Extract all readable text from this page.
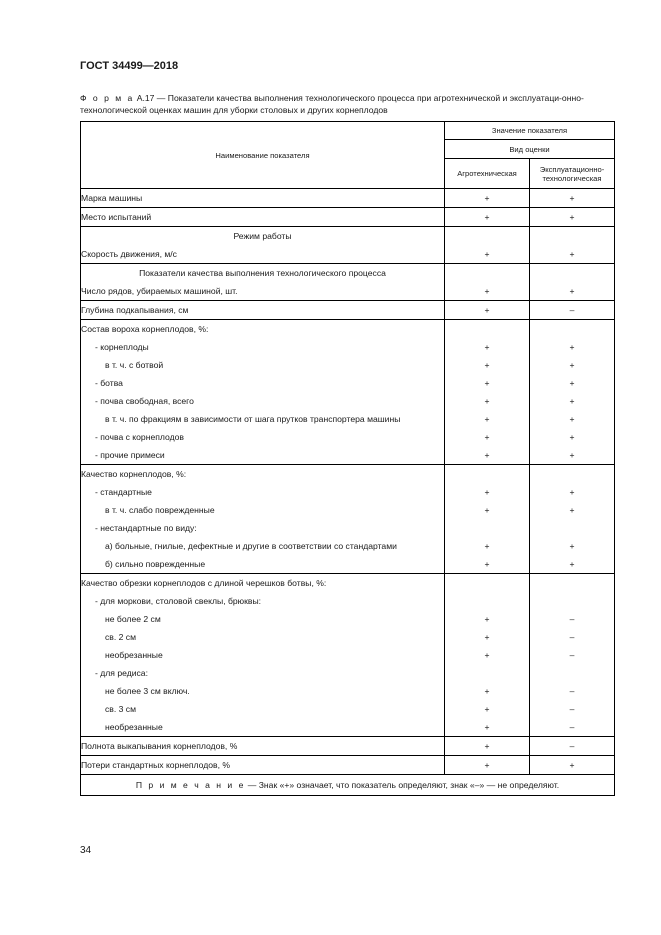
ГОСТ 34499—2018
Ф о р м а А.17 — Показатели качества выполнения технологического процесса при агротехнической и эксплуатаци-онно-технологической оценках машин для уборки столовых и других корнеплодов
Наименование показателя	Значение показателя	
	Вид оценки	
	Агротехническая	Эксплуатационно-
технологическая
Марка машины	+	+
Место испытаний	+	+
Режим работы		
Скорость движения, м/с	+	+
Показатели качества выполнения технологического процесса		
Число рядов, убираемых машиной, шт.	+	+
Глубина подкапывания, см	+	–
Состав вороха корнеплодов, %:		
- корнеплоды	+	+
в т. ч. с ботвой	+	+
- ботва	+	+
- почва свободная, всего	+	+
в т. ч. по фракциям в зависимости от шага прутков транспортера машины	+	+
- почва с корнеплодов	+	+
- прочие примеси	+	+
Качество корнеплодов, %:		
- стандартные	+	+
в т. ч. слабо поврежденные	+	+
- нестандартные по виду:		
а) больные, гнилые, дефектные и другие в соответствии со стандартами	+	+
б) сильно поврежденные	+	+
Качество обрезки корнеплодов с длиной черешков ботвы, %:		
- для моркови, столовой свеклы, брюквы:		
не более 2 см	+	–
св. 2 см	+	–
необрезанные	+	–
- для редиса:		
не более 3 см включ.	+	–
св. 3 см	+	–
необрезанные	+	–
Полнота выкапывания корнеплодов, %	+	–
Потери стандартных корнеплодов, %	+	+
П р и м е ч а н и е — Знак «+» означает, что показатель определяют, знак «–» — не определяют.		
34
